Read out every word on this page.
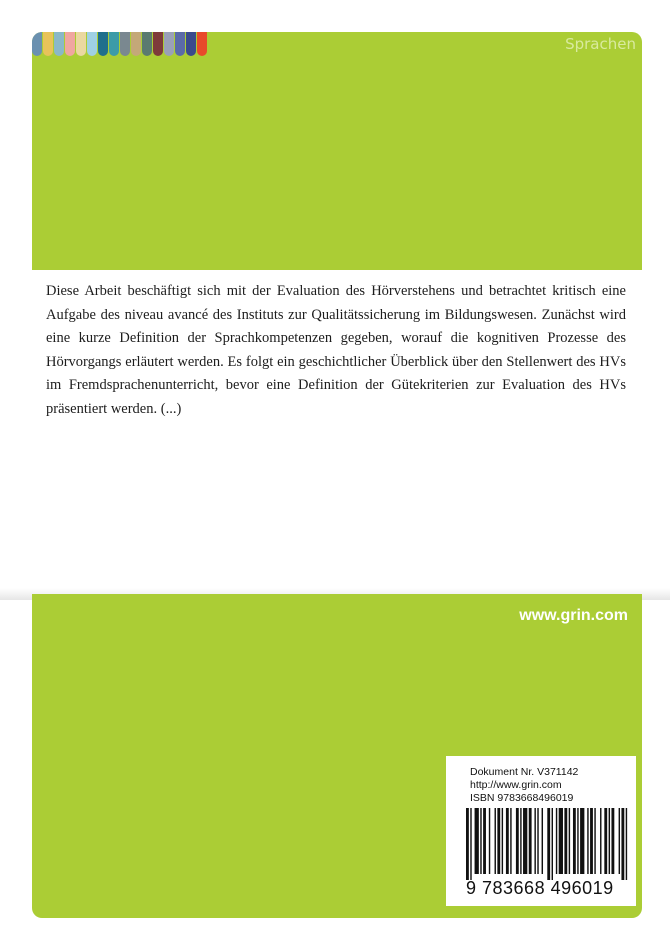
Sprachen
Diese Arbeit beschäftigt sich mit der Evaluation des Hörverstehens und betrachtet kritisch eine Aufgabe des niveau avancé des Instituts zur Qualitätssicherung im Bildungswesen. Zunächst wird eine kurze Definition der Sprachkompetenzen gegeben, worauf die kognitiven Prozesse des Hörvorgangs erläutert werden. Es folgt ein geschichtlicher Überblick über den Stellenwert des HVs im Fremdsprachenunterricht, bevor eine Definition der Gütekriterien zur Evaluation des HVs präsentiert werden. (...)
www.grin.com
Dokument Nr. V371142
http://www.grin.com
ISBN 9783668496019
9 783668 496019
